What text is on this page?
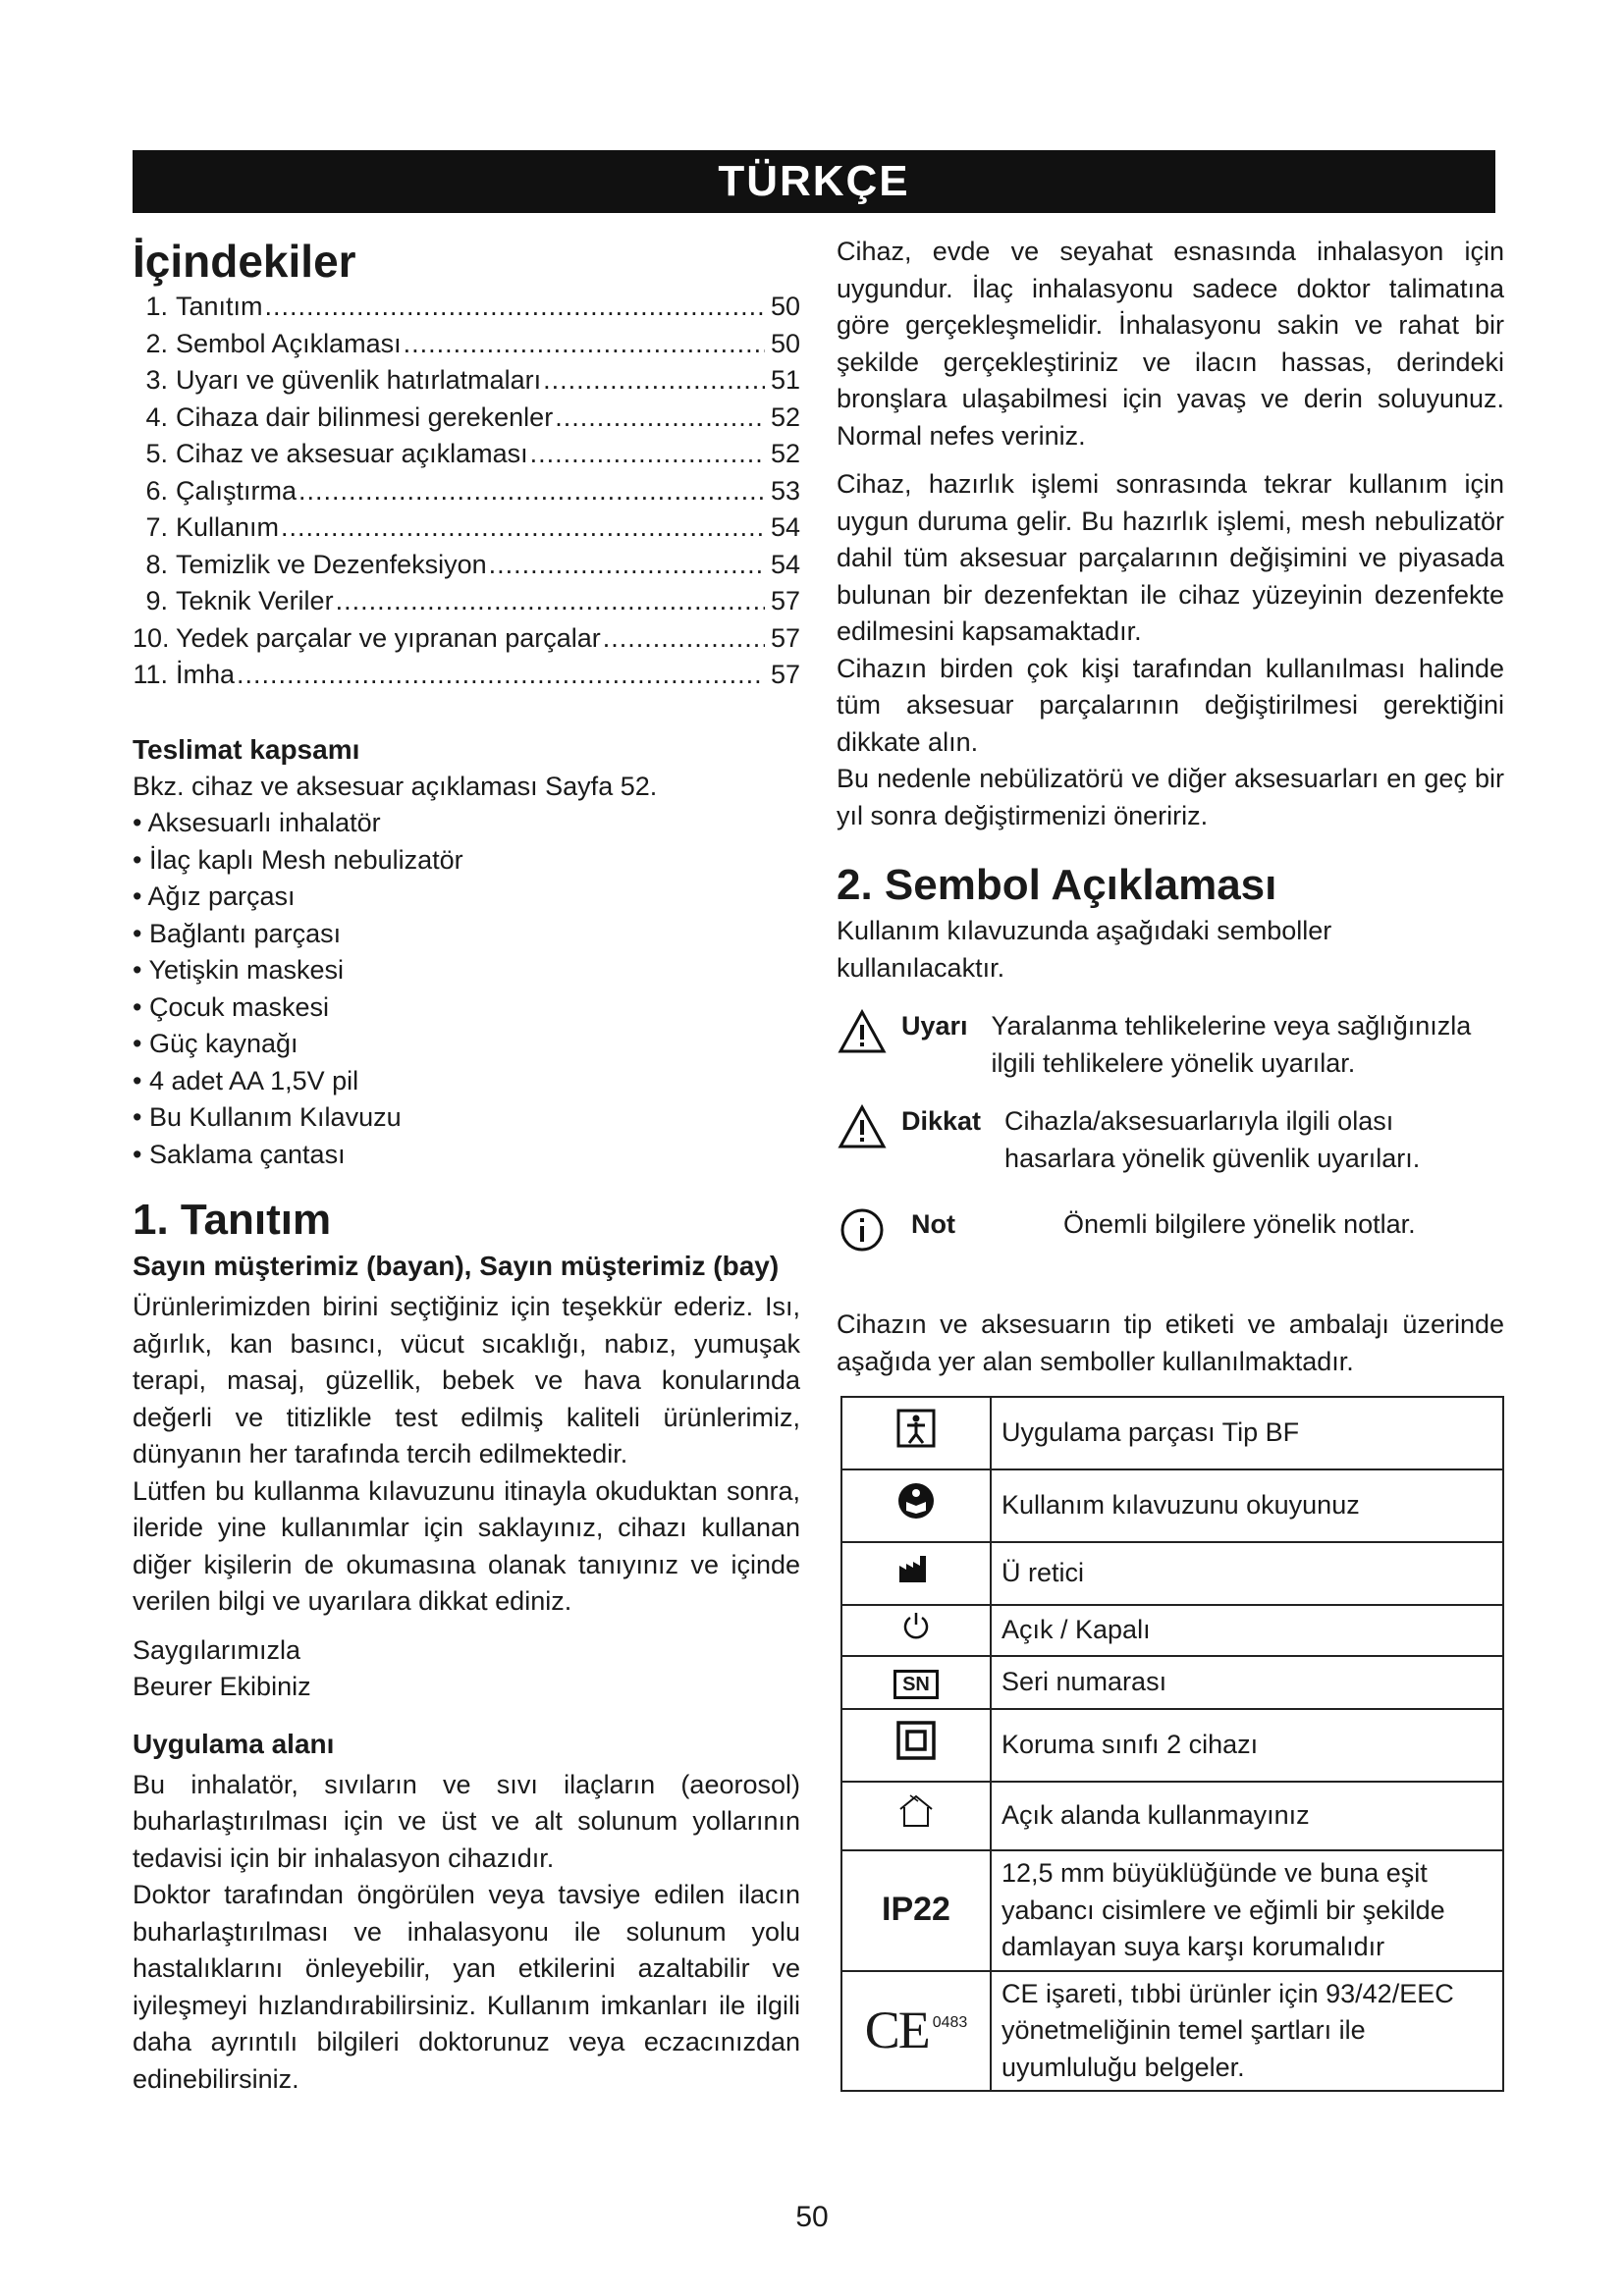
TÜRKÇE
İçindekiler
1. Tanıtım .....	50
2. Sembol Açıklaması .....	50
3. Uyarı ve güvenlik hatırlatmaları .....	51
4. Cihaza dair bilinmesi gerekenler .....	52
5. Cihaz ve aksesuar açıklaması .....	52
6. Çalıştırma .....	53
7. Kullanım .....	54
8. Temizlik ve Dezenfeksiyon .....	54
9. Teknik Veriler .....	57
10. Yedek parçalar ve yıpranan parçalar .....	57
11. İmha .....	57
Teslimat kapsamı
Bkz. cihaz ve aksesuar açıklaması Sayfa 52.
• Aksesuarlı inhalatör
• İlaç kaplı Mesh nebulizatör
• Ağız parçası
• Bağlantı parçası
• Yetişkin maskesi
• Çocuk maskesi
• Güç kaynağı
• 4 adet AA 1,5V pil
• Bu Kullanım Kılavuzu
• Saklama çantası
1. Tanıtım
Sayın müşterimiz (bayan), Sayın müşterimiz (bay)
Ürünlerimizden birini seçtiğiniz için teşekkür ederiz. Isı, ağırlık, kan basıncı, vücut sıcaklığı, nabız, yumuşak terapi, masaj, güzellik, bebek ve hava konularında değerli ve titizlikle test edilmiş kaliteli ürünlerimiz, dünyanın her tarafında tercih edilmektedir.
Lütfen bu kullanma kılavuzunu itinayla okuduktan sonra, ileride yine kullanımlar için saklayınız, cihazı kullanan diğer kişilerin de okumasına olanak tanıyınız ve içinde verilen bilgi ve uyarılara dikkat ediniz.
Saygılarımızla
Beurer Ekibiniz
Uygulama alanı
Bu inhalatör, sıvıların ve sıvı ilaçların (aeorosol) buharlaştırılması için ve üst ve alt solunum yollarının tedavisi için bir inhalasyon cihazıdır.
Doktor tarafından öngörülen veya tavsiye edilen ilacın buharlaştırılması ve inhalasyonu ile solunum yolu hastalıklarını önleyebilir, yan etkilerini azaltabilir ve iyileşmeyi hızlandırabilirsiniz. Kullanım imkanları ile ilgili daha ayrıntılı bilgileri doktorunuz veya eczacınızdan edinebilirsiniz.
Cihaz, evde ve seyahat esnasında inhalasyon için uygundur. İlaç inhalasyonu sadece doktor talimatına göre gerçekleşmelidir. İnhalasyonu sakin ve rahat bir şekilde gerçekleştiriniz ve ilacın hassas, derindeki bronşlara ulaşabilmesi için yavaş ve derin soluyunuz. Normal nefes veriniz.
Cihaz, hazırlık işlemi sonrasında tekrar kullanım için uygun duruma gelir. Bu hazırlık işlemi, mesh nebulizatör dahil tüm aksesuar parçalarının değişimini ve piyasada bulunan bir dezenfektan ile cihaz yüzeyinin dezenfekte edilmesini kapsamaktadır.
Cihazın birden çok kişi tarafından kullanılması halinde tüm aksesuar parçalarının değiştirilmesi gerektiğini dikkate alın.
Bu nedenle nebülizatörü ve diğer aksesuarları en geç bir yıl sonra değiştirmenizi öneririz.
2. Sembol Açıklaması
Kullanım kılavuzunda aşağıdaki semboller kullanılacaktır.
Uyarı Yaralanma tehlikelerine veya sağlığınızla ilgili tehlikelere yönelik uyarılar.
Dikkat Cihazla/aksesuarlarıyla ilgili olası hasarlara yönelik güvenlik uyarıları.
Not	Önemli bilgilere yönelik notlar.
Cihazın ve aksesuarın tip etiketi ve ambalajı üzerinde aşağıda yer alan semboller kullanılmaktadır.
	Uygulama parçası Tip BF
	Kullanım kılavuzunu okuyunuz
	Ü retici
	Açık / Kapalı
SN	Seri numarası
	Koruma sınıfı 2 cihazı
	Açık alanda kullanmayınız
IP22	12,5 mm büyüklüğünde ve buna eşit yabancı cisimlere ve eğimli bir şekilde damlayan suya karşı korumalıdır

CE 0483	CE işareti, tıbbi ürünler için 93/42/EEC yönetmeliğinin temel şartları ile uyumluluğu belgeler.
50
